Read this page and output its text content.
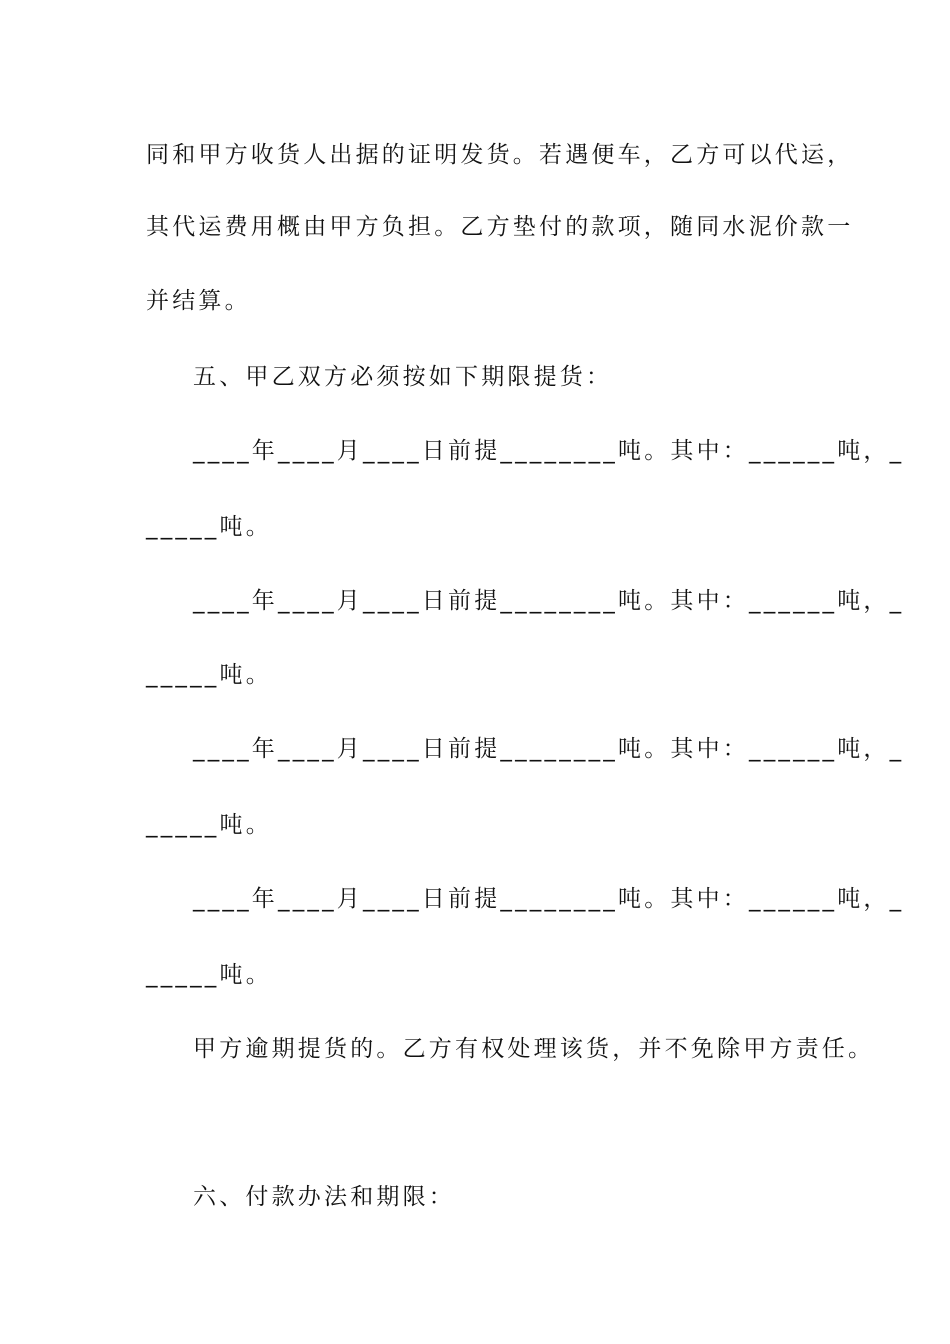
同和甲方收货人出据的证明发货。若遇便车，乙方可以代运，
其代运费用概由甲方负担。乙方垫付的款项，随同水泥价款一
并结算。
五、甲乙双方必须按如下期限提货：
____年____月____日前提________吨。其中：______吨，_
_____吨。
____年____月____日前提________吨。其中：______吨，_
_____吨。
____年____月____日前提________吨。其中：______吨，_
_____吨。
____年____月____日前提________吨。其中：______吨，_
_____吨。
甲方逾期提货的。乙方有权处理该货，并不免除甲方责任。
六、付款办法和期限：
